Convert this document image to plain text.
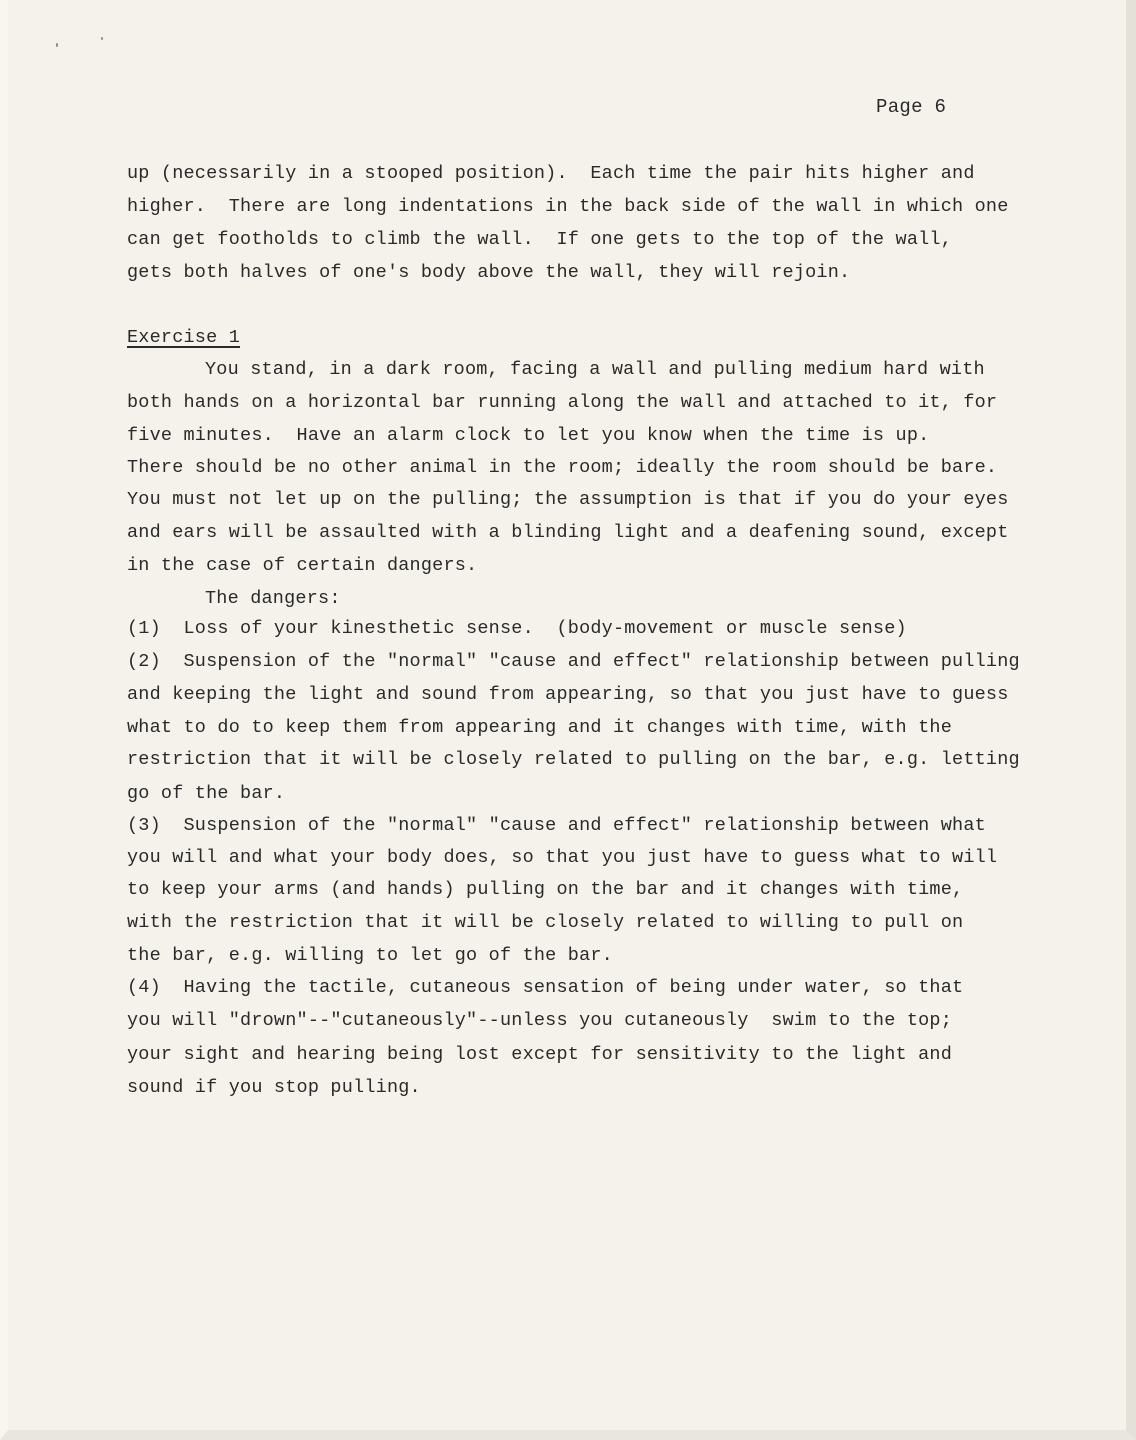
Page 6
up (necessarily in a stooped position).  Each time the pair hits higher and
higher.  There are long indentations in the back side of the wall in which one
can get footholds to climb the wall.  If one gets to the top of the wall,
gets both halves of one's body above the wall, they will rejoin.
Exercise 1
You stand, in a dark room, facing a wall and pulling medium hard with
both hands on a horizontal bar running along the wall and attached to it, for
five minutes.  Have an alarm clock to let you know when the time is up.
There should be no other animal in the room; ideally the room should be bare.
You must not let up on the pulling; the assumption is that if you do your eyes
and ears will be assaulted with a blinding light and a deafening sound, except
in the case of certain dangers.
The dangers:
(1)  Loss of your kinesthetic sense.  (body-movement or muscle sense)
(2)  Suspension of the "normal" "cause and effect" relationship between pulling
and keeping the light and sound from appearing, so that you just have to guess
what to do to keep them from appearing and it changes with time, with the
restriction that it will be closely related to pulling on the bar, e.g. letting
go of the bar.
(3)  Suspension of the "normal" "cause and effect" relationship between what
you will and what your body does, so that you just have to guess what to will
to keep your arms (and hands) pulling on the bar and it changes with time,
with the restriction that it will be closely related to willing to pull on
the bar, e.g. willing to let go of the bar.
(4)  Having the tactile, cutaneous sensation of being under water, so that
you will "drown"--"cutaneously"--unless you cutaneously  swim to the top;
your sight and hearing being lost except for sensitivity to the light and
sound if you stop pulling.
